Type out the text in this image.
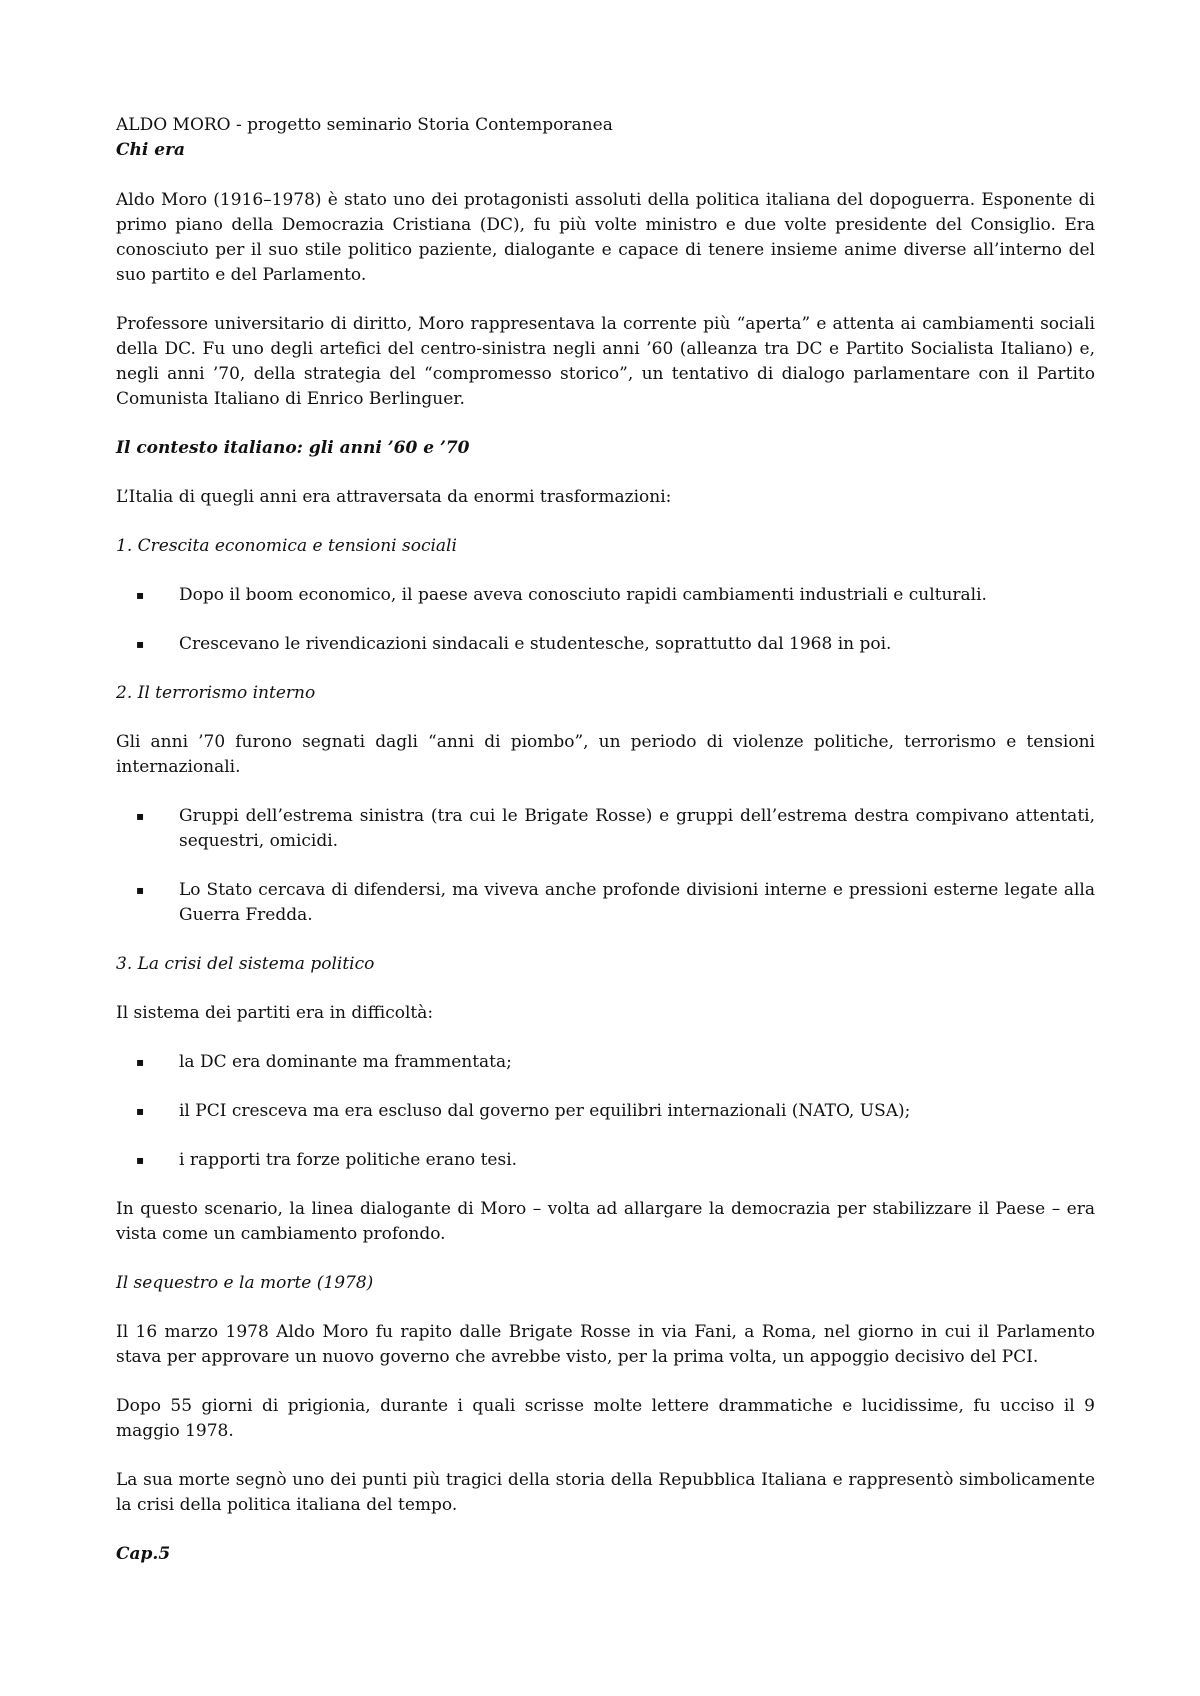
ALDO MORO - progetto seminario Storia Contemporanea
Chi era

Aldo Moro (1916–1978) è stato uno dei protagonisti assoluti della politica italiana del dopoguerra. Esponente di primo piano della Democrazia Cristiana (DC), fu più volte ministro e due volte presidente del Consiglio. Era conosciuto per il suo stile politico paziente, dialogante e capace di tenere insieme anime diverse all’interno del suo partito e del Parlamento.

Professore universitario di diritto, Moro rappresentava la corrente più “aperta” e attenta ai cambiamenti sociali della DC. Fu uno degli artefici del centro-sinistra negli anni ’60 (alleanza tra DC e Partito Socialista Italiano) e, negli anni ’70, della strategia del “compromesso storico”, un tentativo di dialogo parlamentare con il Partito Comunista Italiano di Enrico Berlinguer.

Il contesto italiano: gli anni ’60 e ’70

L’Italia di quegli anni era attraversata da enormi trasformazioni:

1. Crescita economica e tensioni sociali

▪ Dopo il boom economico, il paese aveva conosciuto rapidi cambiamenti industriali e culturali.
▪ Crescevano le rivendicazioni sindacali e studentesche, soprattutto dal 1968 in poi.

2. Il terrorismo interno

Gli anni ’70 furono segnati dagli “anni di piombo”, un periodo di violenze politiche, terrorismo e tensioni internazionali.

▪ Gruppi dell’estrema sinistra (tra cui le Brigate Rosse) e gruppi dell’estrema destra compivano attentati, sequestri, omicidi.
▪ Lo Stato cercava di difendersi, ma viveva anche profonde divisioni interne e pressioni esterne legate alla Guerra Fredda.

3. La crisi del sistema politico

Il sistema dei partiti era in difficoltà:

▪ la DC era dominante ma frammentata;
▪ il PCI cresceva ma era escluso dal governo per equilibri internazionali (NATO, USA);
▪ i rapporti tra forze politiche erano tesi.

In questo scenario, la linea dialogante di Moro – volta ad allargare la democrazia per stabilizzare il Paese – era vista come un cambiamento profondo.

Il sequestro e la morte (1978)

Il 16 marzo 1978 Aldo Moro fu rapito dalle Brigate Rosse in via Fani, a Roma, nel giorno in cui il Parlamento stava per approvare un nuovo governo che avrebbe visto, per la prima volta, un appoggio decisivo del PCI.

Dopo 55 giorni di prigionia, durante i quali scrisse molte lettere drammatiche e lucidissime, fu ucciso il 9 maggio 1978.

La sua morte segnò uno dei punti più tragici della storia della Repubblica Italiana e rappresentò simbolicamente la crisi della politica italiana del tempo.

Cap.5
